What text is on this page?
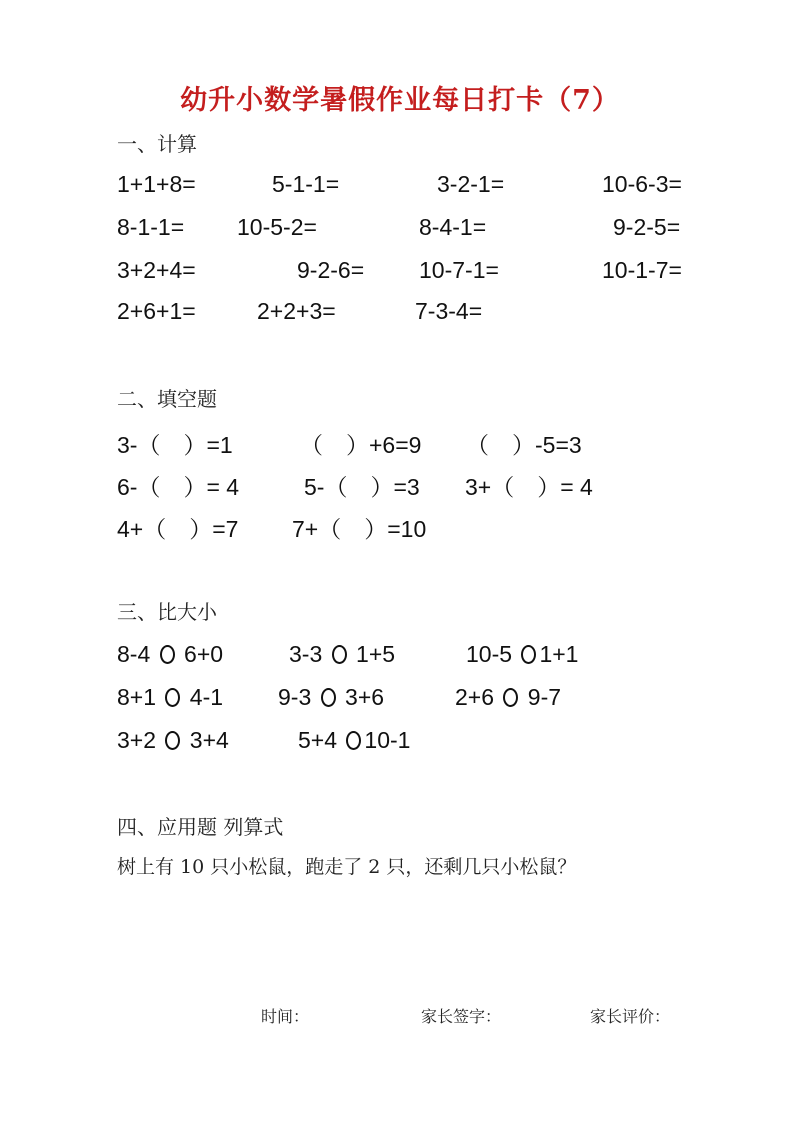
幼升小数学暑假作业每日打卡（7）
一、计算
1+1+8=	5-1-1=	3-2-1=	10-6-3=
8-1-1= 10-5-2=	8-4-1=	9-2-5=
3+2+4=	9-2-6= 10-7-1=	10-1-7=
2+6+1=	2+2+3=	7-3-4=
二、填空题
3-（　）=1	（　）+6=9 （　）-5=3
6-（　）= 4	5-（　）=3 3+（　）= 4
4+（　）=7 7+（　）=10
三、比大小
8-4  6+0	3-3  1+5	10-5 1+1
8+1  4-1 9-3  3+6	2+6  9-7
3+2  3+4	5+4 10-1
四、应用题 列算式
树上有 10 只小松鼠，跑走了 2 只，还剩几只小松鼠？
时间：	家长签字：	家长评价：
